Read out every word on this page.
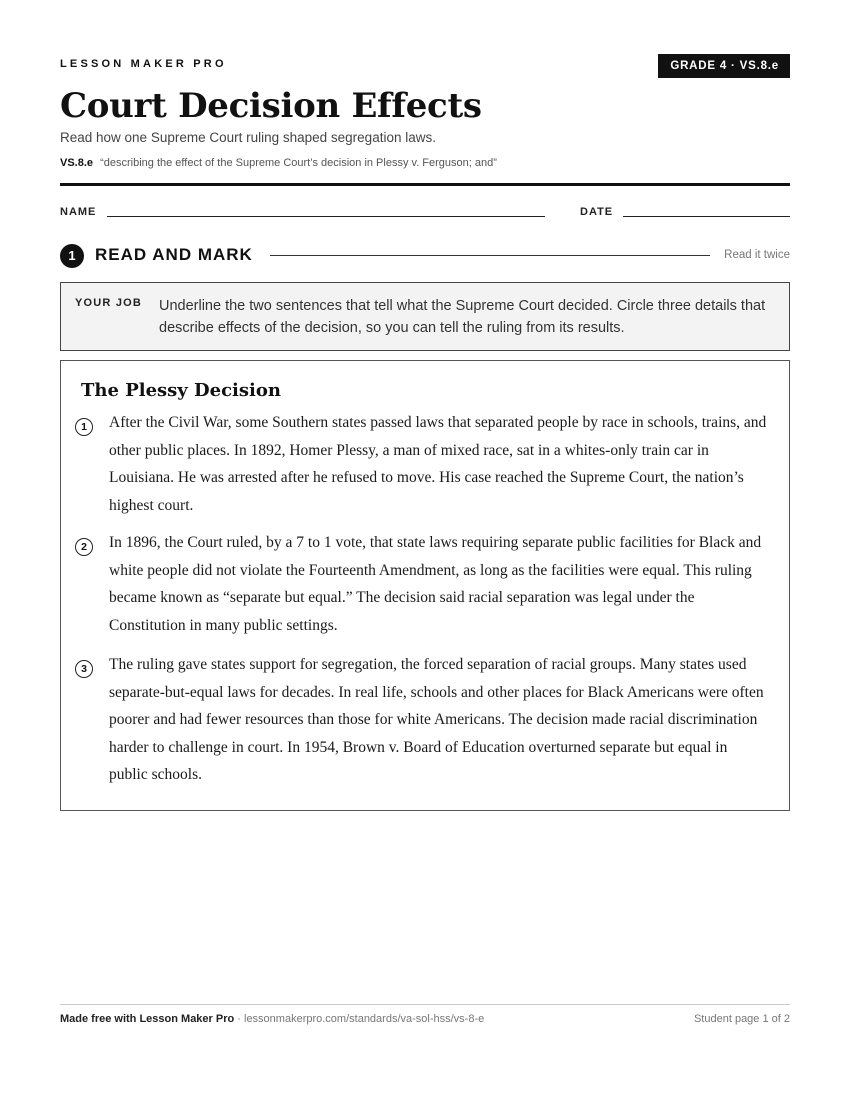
LESSON MAKER PRO	GRADE 4 · VS.8.e
Court Decision Effects
Read how one Supreme Court ruling shaped segregation laws.
VS.8.e “describing the effect of the Supreme Court’s decision in Plessy v. Ferguson; and”
NAME	DATE
1	READ AND MARK	Read it twice
YOUR JOB Underline the two sentences that tell what the Supreme Court decided. Circle three details that describe effects of the decision, so you can tell the ruling from its results.
The Plessy Decision
1	After the Civil War, some Southern states passed laws that separated people by race in schools, trains, and other public places. In 1892, Homer Plessy, a man of mixed race, sat in a whites-only train car in Louisiana. He was arrested after he refused to move. His case reached the Supreme Court, the nation’s highest court.
2	In 1896, the Court ruled, by a 7 to 1 vote, that state laws requiring separate public facilities for Black and white people did not violate the Fourteenth Amendment, as long as the facilities were equal. This ruling became known as “separate but equal.” The decision said racial separation was legal under the Constitution in many public settings.
3	The ruling gave states support for segregation, the forced separation of racial groups. Many states used separate-but-equal laws for decades. In real life, schools and other places for Black Americans were often poorer and had fewer resources than those for white Americans. The decision made racial discrimination harder to challenge in court. In 1954, Brown v. Board of Education overturned separate but equal in public schools.
Made free with Lesson Maker Pro · lessonmakerpro.com/standards/va-sol-hss/vs-8-e	Student page 1 of 2
